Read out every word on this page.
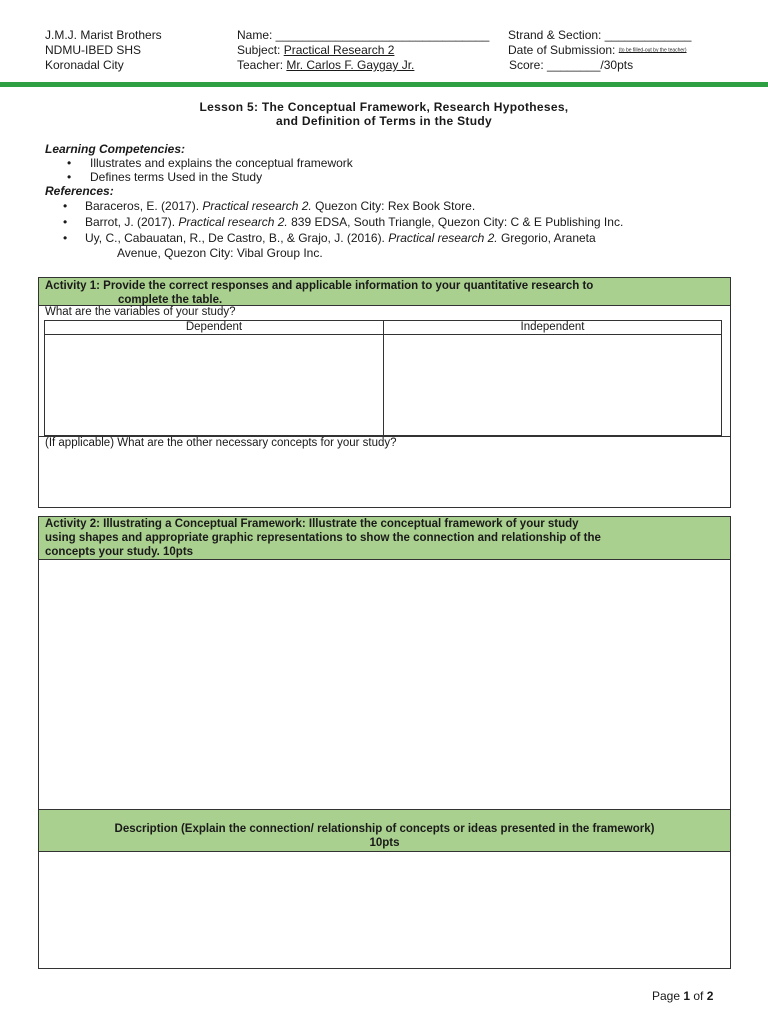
J.M.J. Marist Brothers
NDMU-IBED SHS
Koronadal City
Name: ________________________________
Subject: Practical Research 2
Teacher: Mr. Carlos F. Gaygay Jr.
Strand & Section: _____________
Date of Submission: (to be filled-out by the teacher)
Score: ________/30pts
Lesson 5: The Conceptual Framework, Research Hypotheses,
and Definition of Terms in the Study
Learning Competencies:
• Illustrates and explains the conceptual framework
• Defines terms Used in the Study
References:
• Baraceros, E. (2017). Practical research 2. Quezon City: Rex Book Store.
• Barrot, J. (2017). Practical research 2. 839 EDSA, South Triangle, Quezon City: C & E Publishing Inc.
• Uy, C., Cabauatan, R., De Castro, B., & Grajo, J. (2016). Practical research 2. Gregorio, Araneta
Avenue, Quezon City: Vibal Group Inc.
Activity 1: Provide the correct responses and applicable information to your quantitative research to
complete the table.
What are the variables of your study?
Dependent	Independent
(If applicable) What are the other necessary concepts for your study?
Activity 2: Illustrating a Conceptual Framework: Illustrate the conceptual framework of your study
using shapes and appropriate graphic representations to show the connection and relationship of the
concepts your study. 10pts
Description (Explain the connection/ relationship of concepts or ideas presented in the framework)
10pts
Page 1 of 2
